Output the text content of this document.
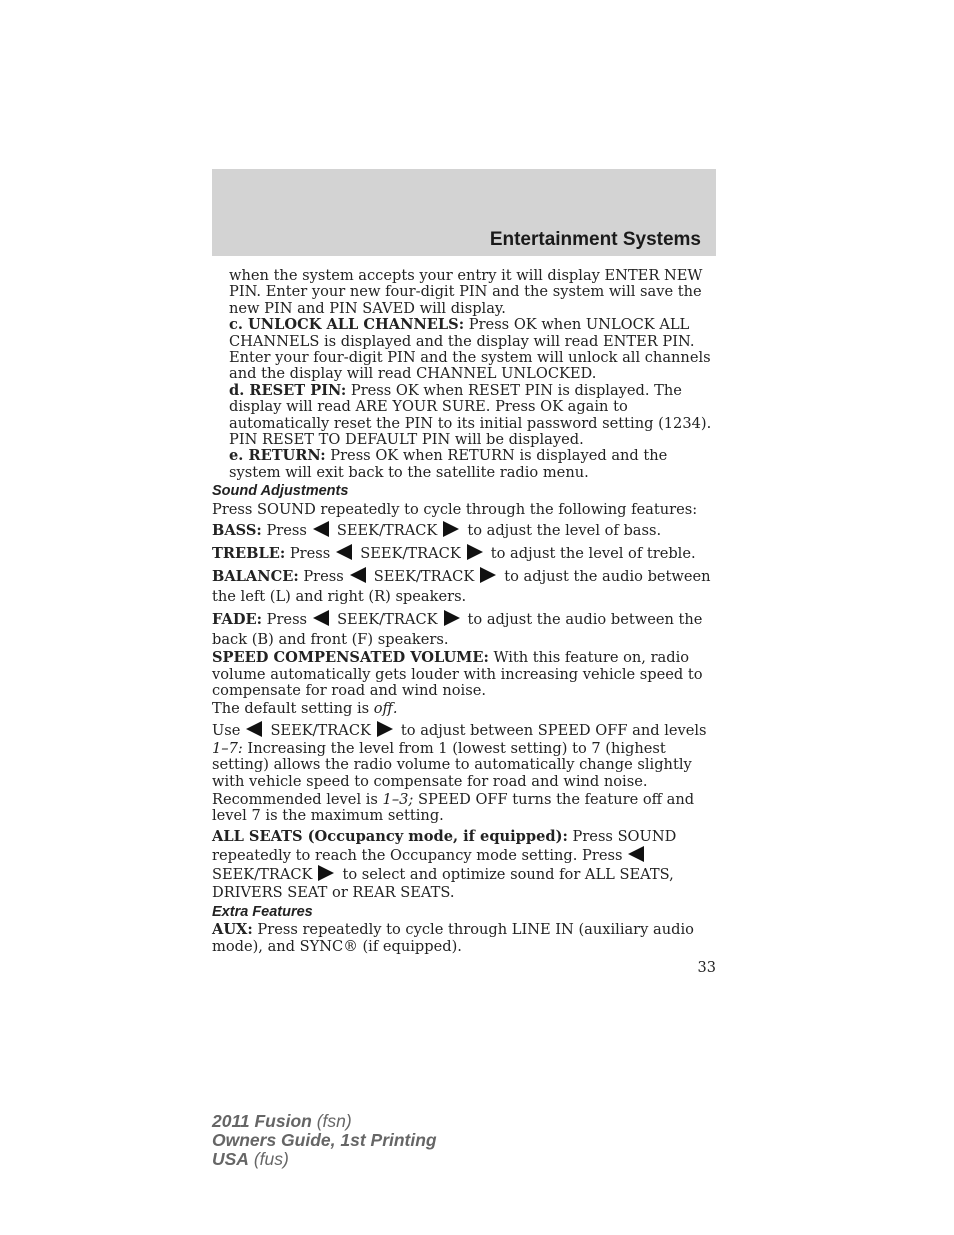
Entertainment Systems

when the system accepts your entry it will display ENTER NEW PIN. Enter your new four-digit PIN and the system will save the new PIN and PIN SAVED will display.

c. UNLOCK ALL CHANNELS: Press OK when UNLOCK ALL CHANNELS is displayed and the display will read ENTER PIN. Enter your four-digit PIN and the system will unlock all channels and the display will read CHANNEL UNLOCKED.

d. RESET PIN: Press OK when RESET PIN is displayed. The display will read ARE YOUR SURE. Press OK again to automatically reset the PIN to its initial password setting (1234). PIN RESET TO DEFAULT PIN will be displayed.

e. RETURN: Press OK when RETURN is displayed and the system will exit back to the satellite radio menu.

Sound Adjustments

Press SOUND repeatedly to cycle through the following features:

BASS: Press SEEK/TRACK to adjust the level of bass.

TREBLE: Press SEEK/TRACK to adjust the level of treble.

BALANCE: Press SEEK/TRACK to adjust the audio between the left (L) and right (R) speakers.

FADE: Press SEEK/TRACK to adjust the audio between the back (B) and front (F) speakers.

SPEED COMPENSATED VOLUME: With this feature on, radio volume automatically gets louder with increasing vehicle speed to compensate for road and wind noise.

The default setting is off.

Use SEEK/TRACK to adjust between SPEED OFF and levels

1–7: Increasing the level from 1 (lowest setting) to 7 (highest setting) allows the radio volume to automatically change slightly with vehicle speed to compensate for road and wind noise.

Recommended level is 1–3; SPEED OFF turns the feature off and level 7 is the maximum setting.

ALL SEATS (Occupancy mode, if equipped): Press SOUND repeatedly to reach the Occupancy mode setting. Press
SEEK/TRACK to select and optimize sound for ALL SEATS, DRIVERS SEAT or REAR SEATS.

Extra Features

AUX: Press repeatedly to cycle through LINE IN (auxiliary audio mode), and SYNC® (if equipped).

33
2011 Fusion (fsn)
Owners Guide, 1st Printing
USA (fus)
